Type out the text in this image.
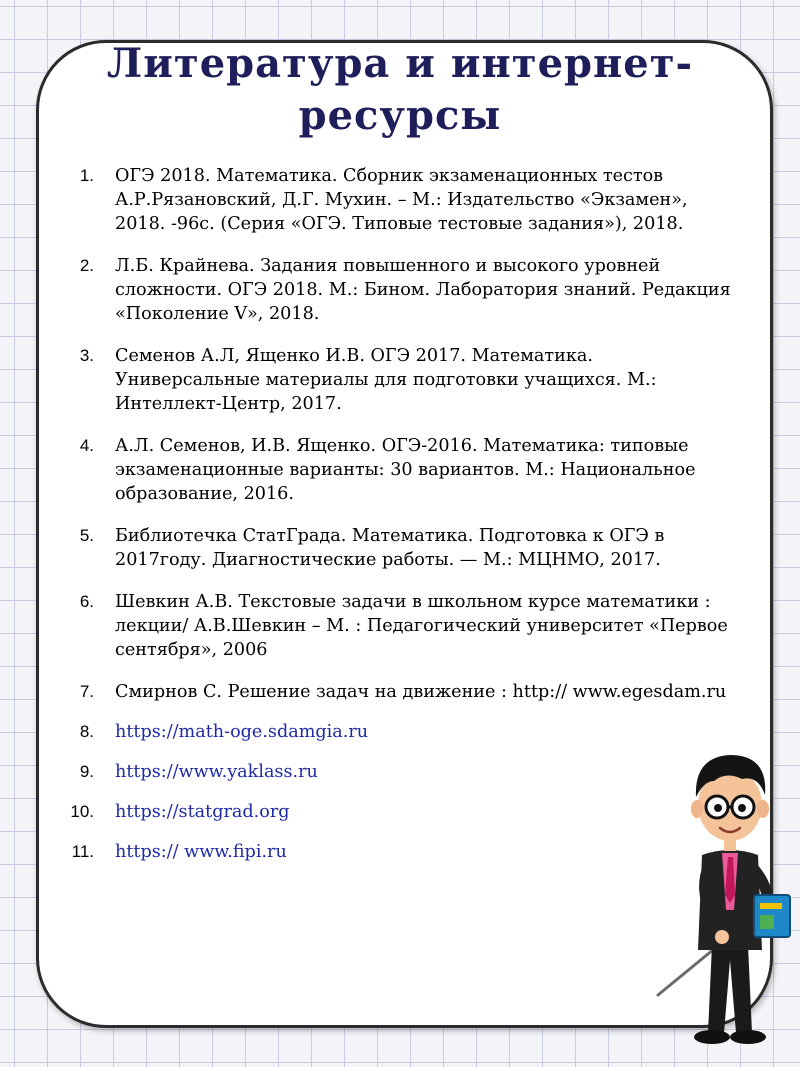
Литература и интернет-ресурсы
1. ОГЭ 2018. Математика. Сборник экзаменационных тестов А.Р.Рязановский, Д.Г. Мухин. – М.: Издательство «Экзамен», 2018. -96с. (Серия «ОГЭ. Типовые тестовые задания»), 2018.
2. Л.Б. Крайнева. Задания повышенного и высокого уровней сложности. ОГЭ 2018. М.: Бином. Лаборатория знаний. Редакция «Поколение V», 2018.
3. Семенов А.Л, Ященко И.В. ОГЭ 2017. Математика. Универсальные материалы для подготовки учащихся. М.: Интеллект-Центр, 2017.
4. А.Л. Семенов, И.В. Ященко. ОГЭ-2016. Математика: типовые экзаменационные варианты: 30 вариантов. М.: Национальное образование, 2016.
5. Библиотечка СтатГрада. Математика. Подготовка к ОГЭ в 2017году. Диагностические работы. — М.: МЦНМО, 2017.
6. Шевкин А.В. Текстовые задачи в школьном курсе математики : лекции/ А.В.Шевкин – М. : Педагогический университет «Первое сентября», 2006
7. Смирнов С. Решение задач на движение : http:// www.egesdam.ru
8. https://math-oge.sdamgia.ru
9. https://www.yaklass.ru
10. https://statgrad.org
11. https:// www.fipi.ru
